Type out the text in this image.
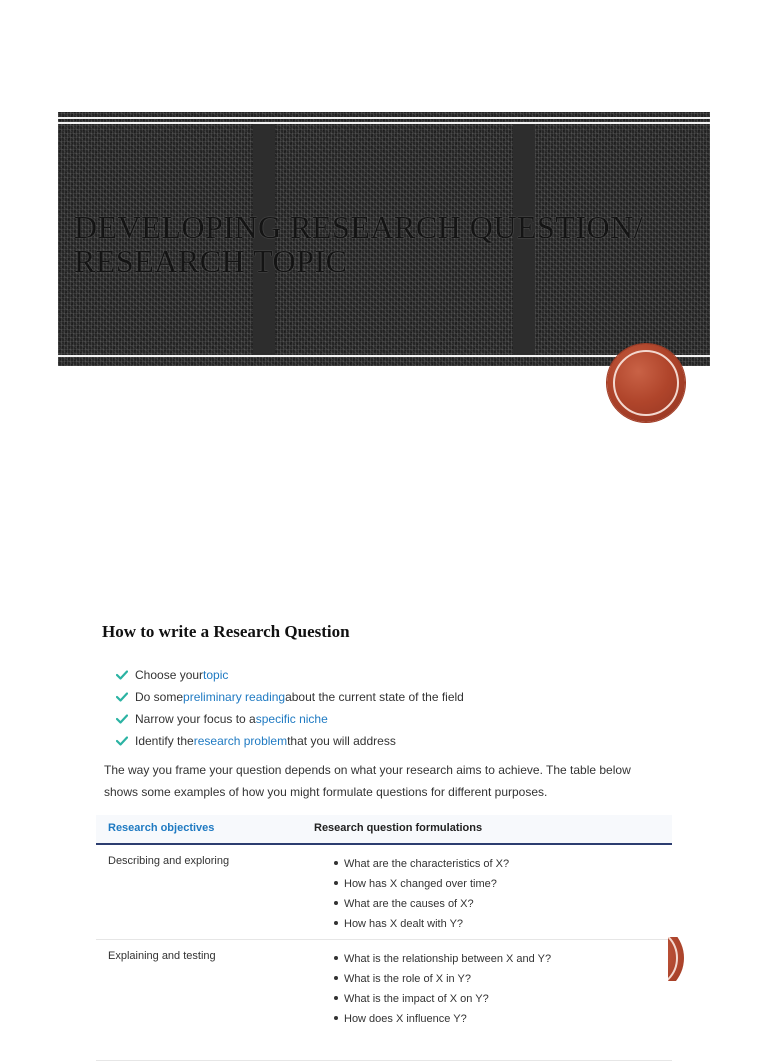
DEVELOPING RESEARCH QUESTION/ RESEARCH TOPIC
How to write a Research Question
Choose your topic
Do some preliminary reading about the current state of the field
Narrow your focus to a specific niche
Identify the research problem that you will address

The way you frame your question depends on what your research aims to achieve. The table below shows some examples of how you might formulate questions for different purposes.

Research objectives	Research question formulations
Describing and exploring	What are the characteristics of X?
How has X changed over time?
What are the causes of X?
How has X dealt with Y?
Explaining and testing	What is the relationship between X and Y?
What is the role of X in Y?
What is the impact of X on Y?
How does X influence Y?
